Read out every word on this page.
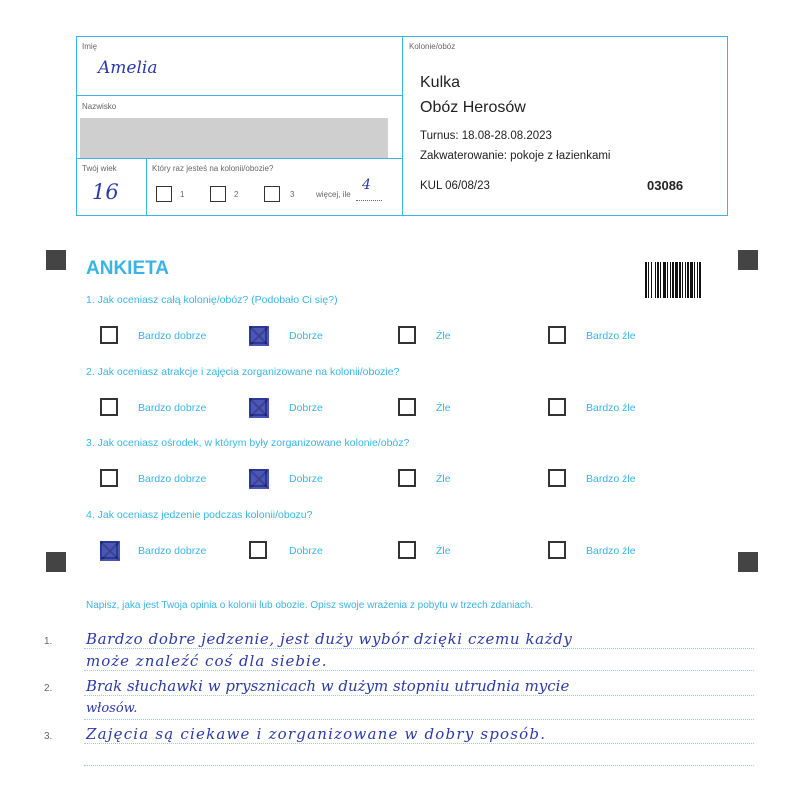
Imię
Amelia
Nazwisko
Twój wiek
16
Który raz jesteś na kolonii/obozie?
1	2	3	więcej, ile
4
Kolonie/obóz
Kulka
Obóz Herosów
Turnus: 18.08-28.08.2023
Zakwaterowanie: pokoje z łazienkami
KUL 06/08/23	03086
ANKIETA
1. Jak oceniasz całą kolonię/obóz? (Podobało Ci się?)
Bardzo dobrze	Dobrze	Źle	Bardzo źle
2. Jak oceniasz atrakcje i zajęcia zorganizowane na kolonii/obozie?
Bardzo dobrze	Dobrze	Źle	Bardzo źle
3. Jak oceniasz ośrodek, w którym były zorganizowane kolonie/obóz?
Bardzo dobrze	Dobrze	Źle	Bardzo źle
4. Jak oceniasz jedzenie podczas kolonii/obozu?
Bardzo dobrze	Dobrze	Źle	Bardzo źle
Napisz, jaka jest Twoja opinia o kolonii lub obozie. Opisz swoje wrażenia z pobytu w trzech zdaniach.
1.
2.
3.
Bardzo dobre jedzenie, jest duży wybór dzięki czemu każdy
może znaleźć coś dla siebie.
Brak słuchawki w prysznicach w dużym stopniu utrudnia mycie
włosów.
Zajęcia są ciekawe i zorganizowane w dobry sposób.
